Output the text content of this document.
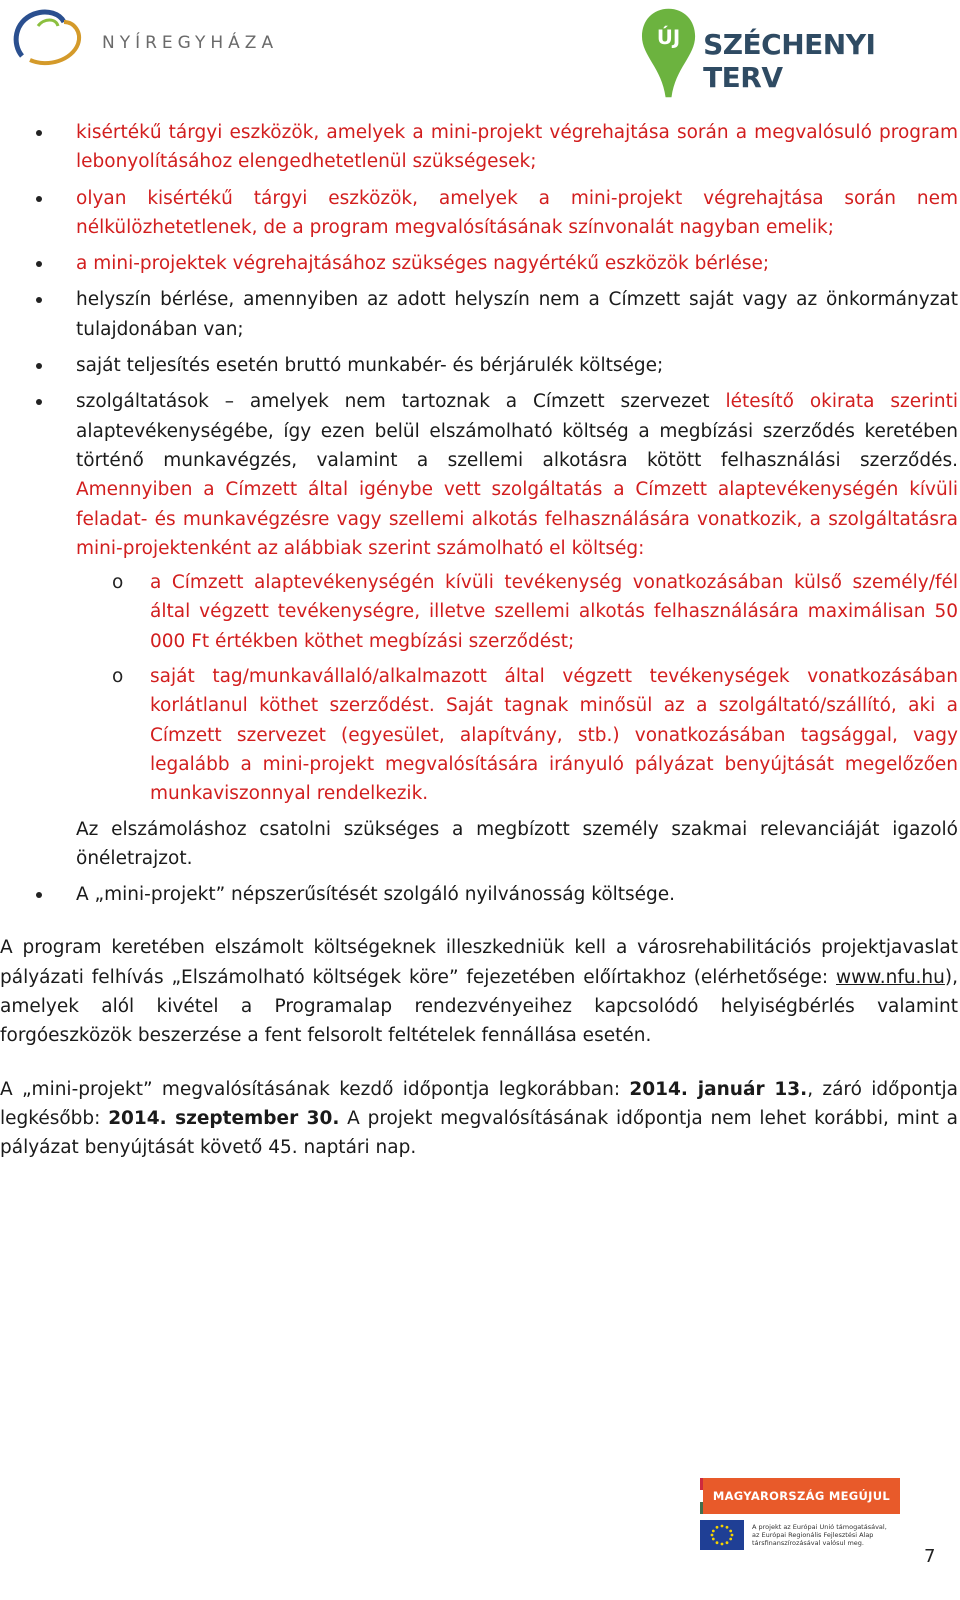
NYÍREGYHÁZA	ÚJ SZÉCHENYI TERV
kisértékű tárgyi eszközök, amelyek a mini-projekt végrehajtása során a megvalósuló program lebonyolításához elengedhetetlenül szükségesek;
olyan kisértékű tárgyi eszközök, amelyek a mini-projekt végrehajtása során nem nélkülözhetetlenek, de a program megvalósításának színvonalát nagyban emelik;
a mini-projektek végrehajtásához szükséges nagyértékű eszközök bérlése;
helyszín bérlése, amennyiben az adott helyszín nem a Címzett saját vagy az önkormányzat tulajdonában van;
saját teljesítés esetén bruttó munkabér- és bérjárulék költsége;
szolgáltatások – amelyek nem tartoznak a Címzett szervezet létesítő okirata szerinti alaptevékenységébe, így ezen belül elszámolható költség a megbízási szerződés keretében történő munkavégzés, valamint a szellemi alkotásra kötött felhasználási szerződés. Amennyiben a Címzett által igénybe vett szolgáltatás a Címzett alaptevékenységén kívüli feladat- és munkavégzésre vagy szellemi alkotás felhasználására vonatkozik, a szolgáltatásra mini-projektenként az alábbiak szerint számolható el költség:
o a Címzett alaptevékenységén kívüli tevékenység vonatkozásában külső személy/fél által végzett tevékenységre, illetve szellemi alkotás felhasználására maximálisan 50 000 Ft értékben köthet megbízási szerződést;
o saját tag/munkavállaló/alkalmazott által végzett tevékenységek vonatkozásában korlátlanul köthet szerződést. Saját tagnak minősül az a szolgáltató/szállító, aki a Címzett szervezet (egyesület, alapítvány, stb.) vonatkozásában tagsággal, vagy legalább a mini-projekt megvalósítására irányuló pályázat benyújtását megelőzően munkaviszonnyal rendelkezik.
Az elszámoláshoz csatolni szükséges a megbízott személy szakmai relevanciáját igazoló önéletrajzot.
A „mini-projekt” népszerűsítését szolgáló nyilvánosság költsége.

A program keretében elszámolt költségeknek illeszkedniük kell a városrehabilitációs projektjavaslat pályázati felhívás „Elszámolható költségek köre” fejezetében előírtakhoz (elérhetősége: www.nfu.hu), amelyek alól kivétel a Programalap rendezvényeihez kapcsolódó helyiségbérlés valamint forgóeszközök beszerzése a fent felsorolt feltételek fennállása esetén.

A „mini-projekt” megvalósításának kezdő időpontja legkorábban: 2014. január 13., záró időpontja legkésőbb: 2014. szeptember 30. A projekt megvalósításának időpontja nem lehet korábbi, mint a pályázat benyújtását követő 45. naptári nap.

MAGYARORSZÁG MEGÚJUL
A projekt az Európai Unió támogatásával, az Európai Regionális Fejlesztési Alap társfinanszírozásával valósul meg.
7
